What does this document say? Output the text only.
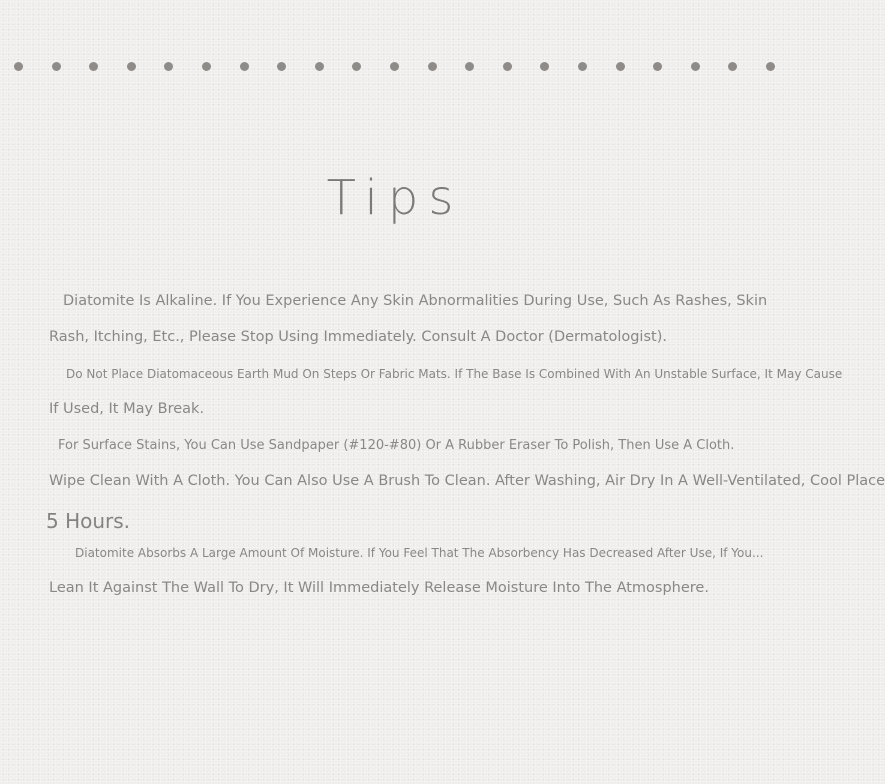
Tips

Diatomite Is Alkaline. If You Experience Any Skin Abnormalities During Use, Such As Rashes, Skin

Rash, Itching, Etc., Please Stop Using Immediately. Consult A Doctor (Dermatologist).

Do Not Place Diatomaceous Earth Mud On Steps Or Fabric Mats. If The Base Is Combined With An Unstable Surface, It May Cause

If Used, It May Break.

For Surface Stains, You Can Use Sandpaper (#120-#80) Or A Rubber Eraser To Polish, Then Use A Cloth.

Wipe Clean With A Cloth. You Can Also Use A Brush To Clean. After Washing, Air Dry In A Well-Ventilated, Cool Place

5 Hours.

Diatomite Absorbs A Large Amount Of Moisture. If You Feel That The Absorbency Has Decreased After Use, If You...

Lean It Against The Wall To Dry, It Will Immediately Release Moisture Into The Atmosphere.
